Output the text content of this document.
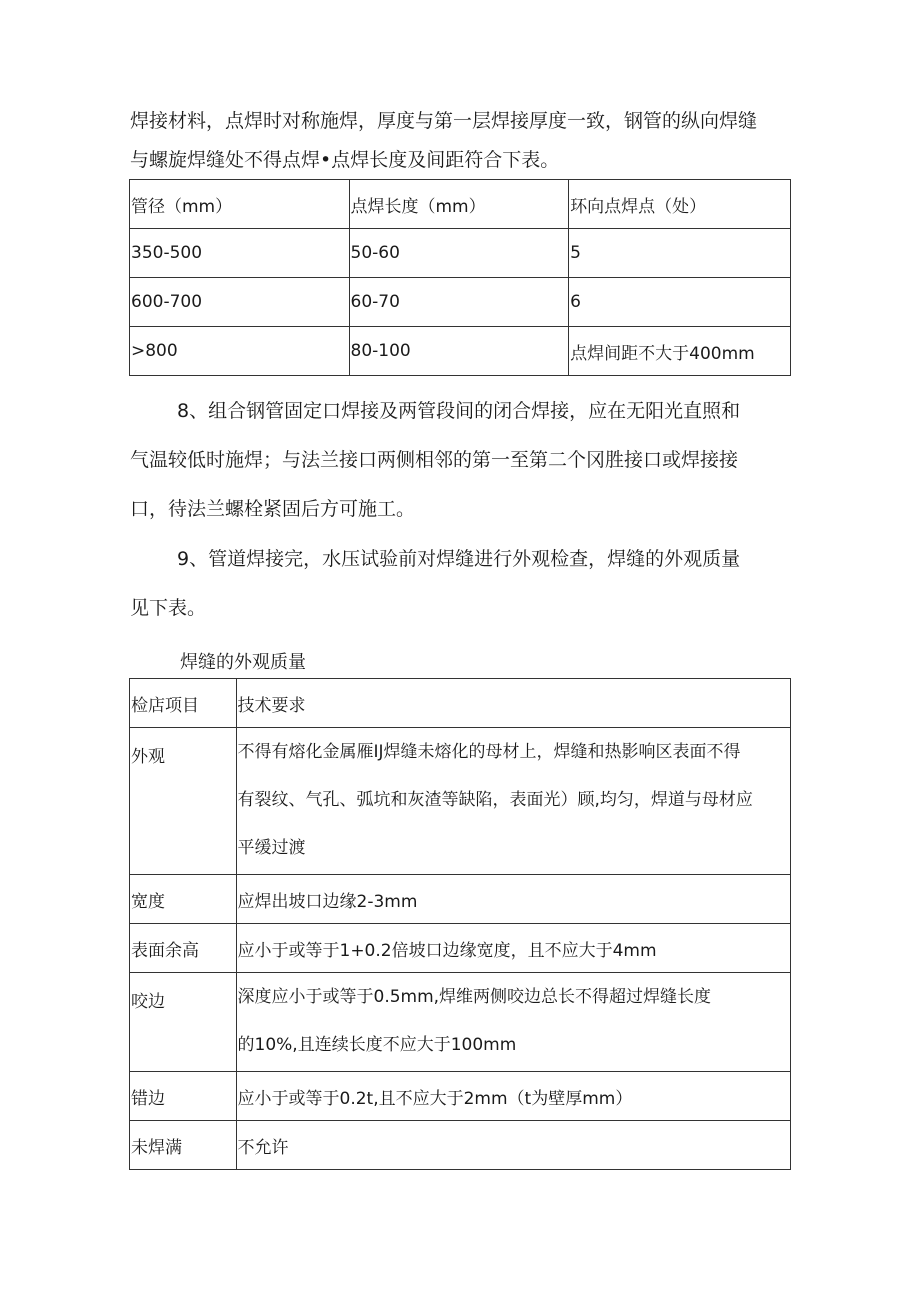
焊接材料，点焊时对称施焊，厚度与第一层焊接厚度一致，钢管的纵向焊缝
与螺旋焊缝处不得点焊•点焊长度及间距符合下表。
管径（mm）	点焊长度（mm）	环向点焊点（处）
350-500	50-60	5
600-700	60-70	6
>800	80-100	点焊间距不大于400mm
8、组合钢管固定口焊接及两管段间的闭合焊接，应在无阳光直照和
气温较低时施焊；与法兰接口两侧相邻的第一至第二个冈胜接口或焊接接
口，待法兰螺栓紧固后方可施工。
9、管道焊接完，水压试验前对焊缝进行外观检查，焊缝的外观质量
见下表。
焊缝的外观质量
检店项目	技术要求
外观	不得有熔化金属雁IJ焊缝未熔化的母材上，焊缝和热影响区表面不得
有裂纹、气孔、弧坑和灰渣等缺陷，表面光）顾,均匀，焊道与母材应
平缓过渡

宽度	应焊出坡口边缘2-3mm
表面余高	应小于或等于1+0.2倍坡口边缘宽度，且不应大于4mm
咬边	深度应小于或等于0.5mm,焊维两侧咬边总长不得超过焊缝长度
的10%,且连续长度不应大于100mm

错边	应小于或等于0.2t,且不应大于2mm（t为壁厚mm）
未焊满	不允许
